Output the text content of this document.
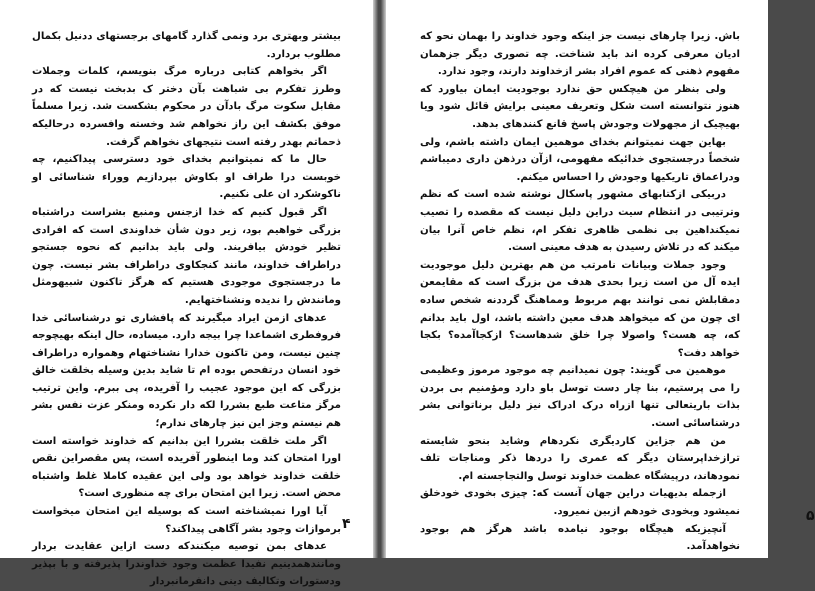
بیشتر وبهتری برد ونمی گذارد گامهای برجستهای ددنیل بکمال مطلوب بردارد.

اگر بخواهم کتابی درباره مرگ بنویسم، کلمات وجملات وطرز تفکرم بی شباهت بآن دختر ک بدبخت نیست که در مقابل سکوت مرگ بادآن در محکوم بشکست شد. زیرا مسلماً موفق بکشف این راز نخواهم شد وخسته وافسرده درحالیکه ذحماتم بهدر رفته است نتیجهای نخواهم گرفت.

حال ما که نمیتوانیم بخدای خود دسترسی پیداکنیم، چه خوبست درا طراف او بکاوش بپردازیم ووراء شناسائی او ناکوشکرد ان علی نکنیم.

اگر قبول کنیم که خدا ازجنس ومنبع بشراست دراشتباه بزرگی خواهیم بود، زیر دون شأن خداوندی است که افرادی تظیر خودش بیافریند. ولی باید بدانیم که نحوه جستجو دراطراف خداوند، مانند کنجکاوی دراطراف بشر نیست. چون ما درجستجوی موجودی هستیم که هرگز تاکنون شبیهومثل ومانندش را ندیده ونشناختهایم.

عدهای ازمن ایراد میگیرند که پافشاری تو درشناسائی خدا فروفطری اشماعدا چرا بیجه دارد. میساده، حال اینکه بهیچوجه چنین نیست، ومن تاکنون خدارا نشناختهام وهمواره دراطراف خود انسان درتفحص بوده ام تا شاید بدین وسیله بخلقت خالق بزرگی که این موجود عجیب را آفریده، پی ببرم. واین ترتیب مرگز متاعت طبع بشررا لکه دار نکرده ومنکر عزت نفس بشر هم نیستم وجز این نیز چارهای ندارم؛

اگر ملت خلقت بشررا این بدانیم که خداوند خواسته است اورا امتحان کند وما اینطور آفریده است، پس مقصراین نقص خلقت خداوند خواهد بود ولی این عقیده کاملا غلط واشتباه محض است. زیرا این امتحان برای چه منظوری است؟

آیا اورا نمیشناخته است که بوسیله این امتحان میخواست برموازات وجود بشر آگاهی پیداکند؟

عدهای بمن توصیه میکنندکه دست ازاین عقایدت بردار ومانندهمدینیم نفیدا عظمت وجود خداوندرا پذیرفته و با بپذیر ودستورات وتکالیف دینی دانفرمانبردار

۴

باش. زیرا چارهای نیست جز اینکه وجود خداوند را بهمان نحو که ادیان معرفی کرده اند باید شناخت. چه تصوری دیگر جزهمان مفهوم ذهنی که عموم افراد بشر ازخداوند دارند، وجود ندارد.

ولی بنظر من هیچکس حق ندارد بوجودیت ایمان بیاورد که هنوز نتوانسته است شکل وتعریف معینی برایش قائل شود ویا بهیچیک از مجهولات وجودش پاسخ قانع کنندهای بدهد.

بهاین جهت نمیتوانم بخدای موهمین ایمان داشته باشم، ولی شخصاً درجستجوی خدائیکه مفهومی، ازآن درذهن داری دمیباشم ودراعماق تاریکیها وجودش را احساس میکنم.

دربیکی ازکتابهای مشهور پاسکال نوشته شده است که نظم وترتیبی در انتظام سیت دراین دلیل نیست که مقصده را تصیب نمیکنداهین بی نظمی ظاهری تفکر ام، نظم خاص آنرا بیان میکند که در تلاش رسیدن به هدف معینی است.

وجود جملات وبیانات نامرتب من هم بهترین دلیل موجودیت ایده آل من است زیرا بحدی هدف من بزرگ است که مقایمعن دمقابلش نمی توانند بهم مربوط ومماهنگ گرددنه شخص ساده ای چون من که میخواهد هدف معین داشته باشد، اول باید بدانم که، چه هست؟ واصولا چرا خلق شدهاست؟ ازکجاآمده؟ بکجا خواهد دفت؟

موهمین می گویند: چون نمیدانیم چه موجود مرموز وعظیمی را می پرستیم، بنا چار دست توسل باو دارد ومؤمنیم بی بردن بذات باریتعالی تنها ازراه درک ادراک نیز دلیل برناتوانی بشر درشناسائی است.

من هم جزاین کاردیگری نکردهام وشاید بنحو شایسته ترازخداپرستان دیگر که عمری را دردها ذکر ومناجات تلف نمودهاند، درپیشگاه عظمت خداوند توسل والتجاجسته ام.

ازجمله بدیهیات دراین جهان آنست که: چیزی بخودی خودخلق نمیشود وبخودی خودهم ازبین نمیرود.

آنچیزیکه هیچگاه بوجود نیامده باشد هرگز هم بوجود نخواهدآمد.

۵
